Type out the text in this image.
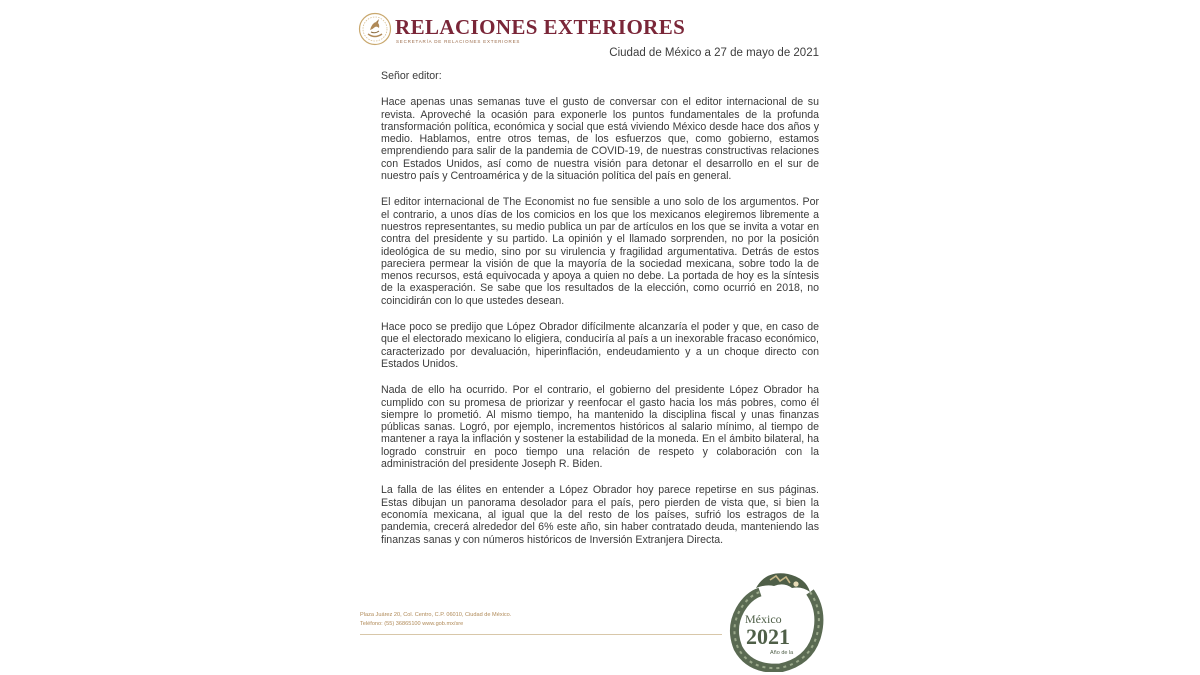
RELACIONES EXTERIORES
SECRETARÍA DE RELACIONES EXTERIORES
Ciudad de México a 27 de mayo de 2021

Señor editor:

Hace apenas unas semanas tuve el gusto de conversar con el editor internacional de su revista. Aproveché la ocasión para exponerle los puntos fundamentales de la profunda transformación política, económica y social que está viviendo México desde hace dos años y medio. Hablamos, entre otros temas, de los esfuerzos que, como gobierno, estamos emprendiendo para salir de la pandemia de COVID-19, de nuestras constructivas relaciones con Estados Unidos, así como de nuestra visión para detonar el desarrollo en el sur de nuestro país y Centroamérica y de la situación política del país en general.

El editor internacional de The Economist no fue sensible a uno solo de los argumentos. Por el contrario, a unos días de los comicios en los que los mexicanos elegiremos libremente a nuestros representantes, su medio publica un par de artículos en los que se invita a votar en contra del presidente y su partido. La opinión y el llamado sorprenden, no por la posición ideológica de su medio, sino por su virulencia y fragilidad argumentativa. Detrás de estos pareciera permear la visión de que la mayoría de la sociedad mexicana, sobre todo la de menos recursos, está equivocada y apoya a quien no debe. La portada de hoy es la síntesis de la exasperación. Se sabe que los resultados de la elección, como ocurrió en 2018, no coincidirán con lo que ustedes desean.

Hace poco se predijo que López Obrador difícilmente alcanzaría el poder y que, en caso de que el electorado mexicano lo eligiera, conduciría al país a un inexorable fracaso económico, caracterizado por devaluación, hiperinflación, endeudamiento y a un choque directo con Estados Unidos.

Nada de ello ha ocurrido. Por el contrario, el gobierno del presidente López Obrador ha cumplido con su promesa de priorizar y reenfocar el gasto hacia los más pobres, como él siempre lo prometió. Al mismo tiempo, ha mantenido la disciplina fiscal y unas finanzas públicas sanas. Logró, por ejemplo, incrementos históricos al salario mínimo, al tiempo de mantener a raya la inflación y sostener la estabilidad de la moneda. En el ámbito bilateral, ha logrado construir en poco tiempo una relación de respeto y colaboración con la administración del presidente Joseph R. Biden.

La falla de las élites en entender a López Obrador hoy parece repetirse en sus páginas. Estas dibujan un panorama desolador para el país, pero pierden de vista que, si bien la economía mexicana, al igual que la del resto de los países, sufrió los estragos de la pandemia, crecerá alrededor del 6% este año, sin haber contratado deuda, manteniendo las finanzas sanas y con números históricos de Inversión Extranjera Directa.

Plaza Juárez 20, Col. Centro, C.P. 06010, Ciudad de México.
Teléfono: (55) 36865100 www.gob.mx/sre	México
2021
Año de la
